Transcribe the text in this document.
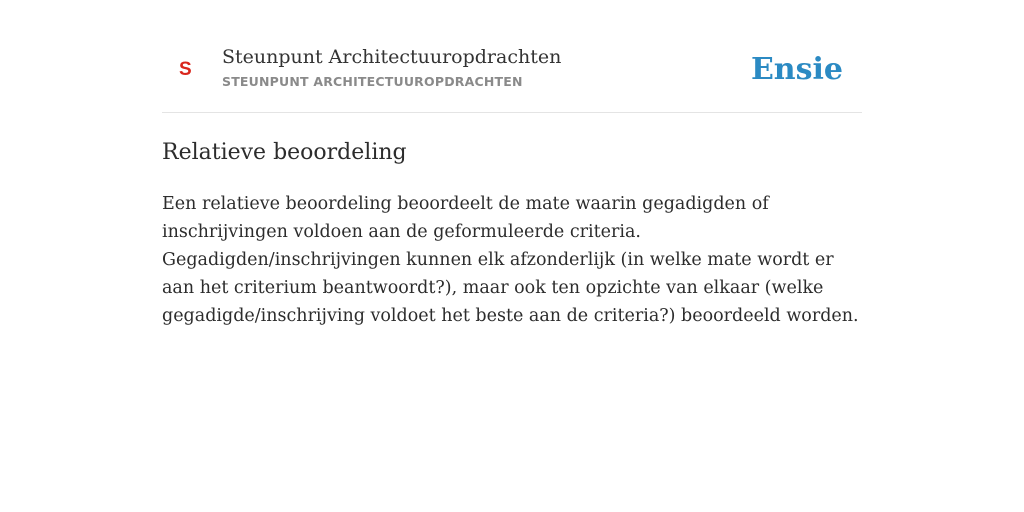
S
Steunpunt Architectuuropdrachten
STEUNPUNT ARCHITECTUUROPDRACHTEN	Ensie
Relatieve beoordeling

Een relatieve beoordeling beoordeelt de mate waarin gegadigden of inschrijvingen voldoen aan de geformuleerde criteria. Gegadigden/inschrijvingen kunnen elk afzonderlijk (in welke mate wordt er aan het criterium beantwoordt?), maar ook ten opzichte van elkaar (welke gegadigde/inschrijving voldoet het beste aan de criteria?) beoordeeld worden.
